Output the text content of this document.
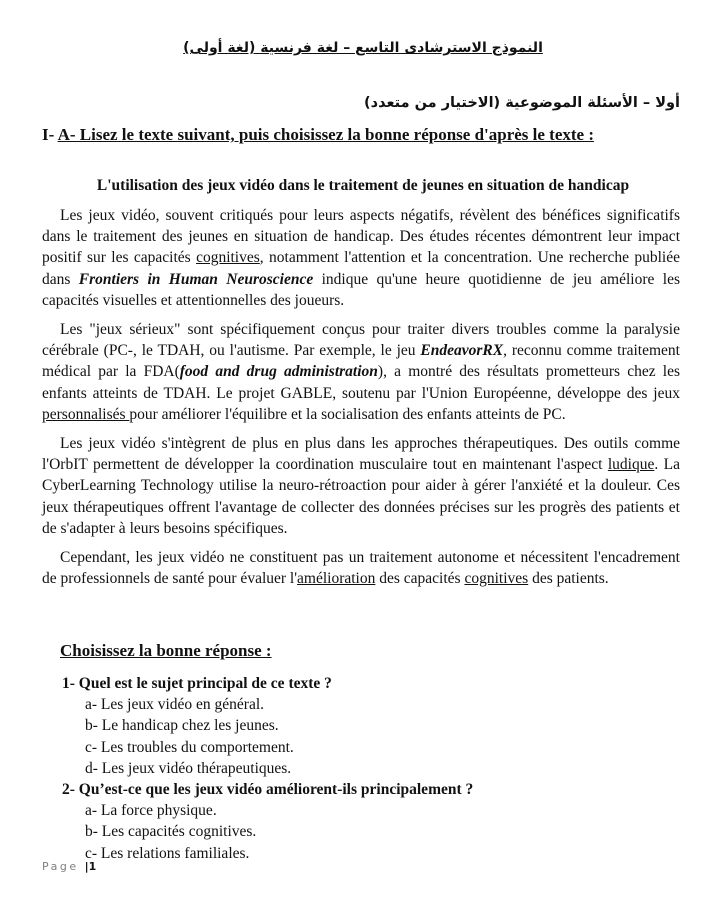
النموذج الاسترشادى التاسع – لغة فرنسية (لغة أولى)
أولا – الأسئلة الموضوعية (الاختيار من متعدد)
I- A- Lisez le texte suivant, puis choisissez la bonne réponse d'après le texte :
L'utilisation des jeux vidéo dans le traitement de jeunes en situation de handicap

Les jeux vidéo, souvent critiqués pour leurs aspects négatifs, révèlent des bénéfices significatifs dans le traitement des jeunes en situation de handicap. Des études récentes démontrent leur impact positif sur les capacités cognitives, notamment l'attention et la concentration. Une recherche publiée dans Frontiers in Human Neuroscience indique qu'une heure quotidienne de jeu améliore les capacités visuelles et attentionnelles des joueurs.

Les "jeux sérieux" sont spécifiquement conçus pour traiter divers troubles comme la paralysie cérébrale (PC-, le TDAH, ou l'autisme. Par exemple, le jeu EndeavorRX, reconnu comme traitement médical par la FDA(food and drug administration), a montré des résultats prometteurs chez les enfants atteints de TDAH. Le projet GABLE, soutenu par l'Union Européenne, développe des jeux personnalisés pour améliorer l'équilibre et la socialisation des enfants atteints de PC.

Les jeux vidéo s'intègrent de plus en plus dans les approches thérapeutiques. Des outils comme l'OrbIT permettent de développer la coordination musculaire tout en maintenant l'aspect ludique. La CyberLearning Technology utilise la neuro-rétroaction pour aider à gérer l'anxiété et la douleur. Ces jeux thérapeutiques offrent l'avantage de collecter des données précises sur les progrès des patients et de s'adapter à leurs besoins spécifiques.

Cependant, les jeux vidéo ne constituent pas un traitement autonome et nécessitent l'encadrement de professionnels de santé pour évaluer l'amélioration des capacités cognitives des patients.

Choisissez la bonne réponse :
1- Quel est le sujet principal de ce texte ?
a- Les jeux vidéo en général.
b- Le handicap chez les jeunes.
c- Les troubles du comportement.
d- Les jeux vidéo thérapeutiques.
2- Qu’est-ce que les jeux vidéo améliorent-ils principalement ?
a- La force physique.
b- Les capacités cognitives.
c- Les relations familiales.
Page |1
